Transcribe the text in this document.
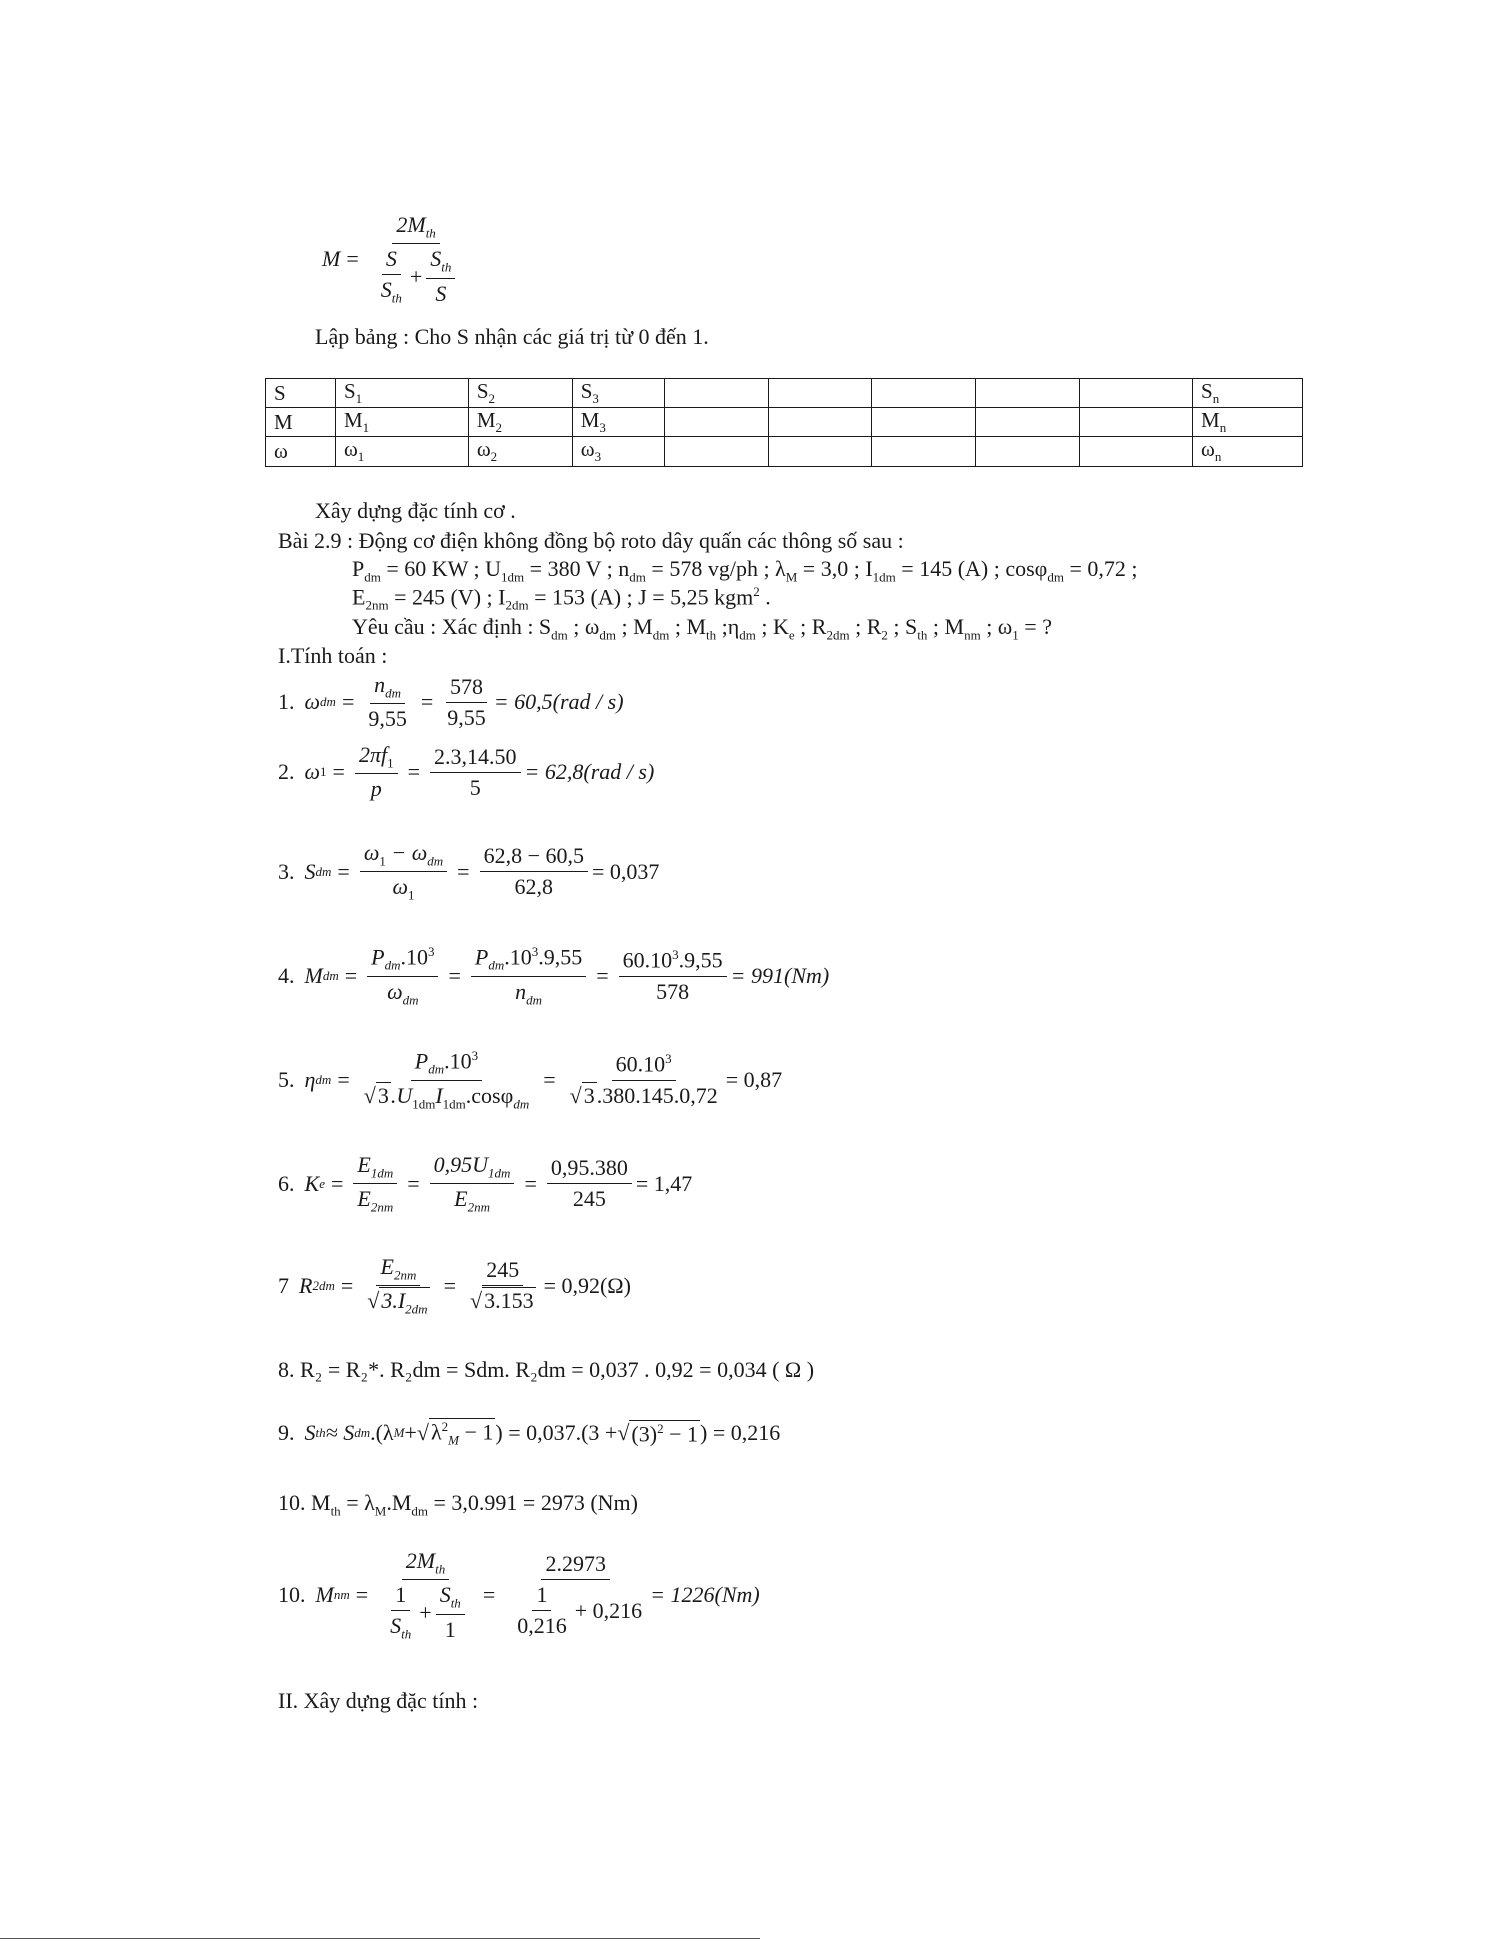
$M = \frac{2M_{th}}{\frac{S}{S_{th}} + \frac{S_{th}}{S}}$
Lập bảng : Cho S nhận các giá trị từ 0 đến 1.
S	$S_1$	$S_2$	$S_3$						$S_n$
M	$M_1$	$M_2$	$M_3$						$M_n$
ω	$\omega_1$	$\omega_2$	$\omega_3$						$\omega_n$
Xây dựng đặc tính cơ .
Bài 2.9 : Động cơ điện không đồng bộ roto dây quấn các thông số sau :
$P_{dm} = 60$ KW ; $U_{1dm} = 380$ V ; $n_{dm} = 578$ vg/ph ; $\lambda_M = 3,0$ ; $I_{1dm} = 145$ (A) ; cosφ$_{dm}$ = 0,72 ;
$E_{2nm} = 245$ (V) ; $I_{2dm} = 153$ (A) ; J = 5,25 kgm$^2$ .
Yêu cầu : Xác định : $S_{dm}$ ; $\omega_{dm}$ ; $M_{dm}$ ; $M_{th}$ $;\eta_{dm}$ ; $K_e$ ; $R_{2dm}$ ; $R_2$ ; $S_{th}$ ; $M_{nm}$ ; $\omega_1$ = ?
I.Tính toán :
1. ω dm = $\frac{n_{dm}}{9,55} = \frac{578}{9,55} = 60,5(rad / s)$
2. ω $1 = \frac{2\pi f_1}{p} = \frac{2.3,14.50}{5} = 62,8(rad / s)$
3. S dm = $\frac{\omega_1 - \omega_{dm}}{\omega_1} = \frac{62,8 - 60,5}{62,8} = 0,037$
4. M dm = $\frac{P_{dm}.10^3}{\omega_{dm}} = \frac{P_{dm}.10^3.9,55}{n_{dm}} = \frac{60.10^3.9,55}{578} = 991(Nm)$
5. η dm = $\frac{P_{dm}.10^3}{√3.U_{1dm}I_{1dm}.\cos\varphi_{dm}} = \frac{60.10^3}{√3.380.145.0,72} = 0,87$
6. K $e = \frac{E_{1dm}}{E_{2nm}} = \frac{0,95U_{1dm}}{E_{2nm}} = \frac{0,95.380}{245} = 1,47$
7 R $2dm = \frac{E_{2nm}}{√3.I_{2dm}} = \frac{245}{√3.153} = 0,92(\Omega)$
8. R₂ = R₂*. R₂dm = Sdm. R₂dm = 0,037 . 0,92 = 0,034 ( Ω )
9. S th ≈ S dm .(λ M + √ $\lambda^2_M - 1$ ) = 0,037.(3 + √ $(3)^2 - 1$ ) = 0,216
10. $M_{th} = \lambda_M.M_{dm} = 3,0.991 = 2973$ (Nm)
10. M nm = $\frac{2M_{th}}{\frac{1}{S_{th}} + \frac{S_{th}}{1}} = \frac{2.2973}{\frac{1}{0,216} + 0,216} = 1226(Nm)$
II. Xây dựng đặc tính :
